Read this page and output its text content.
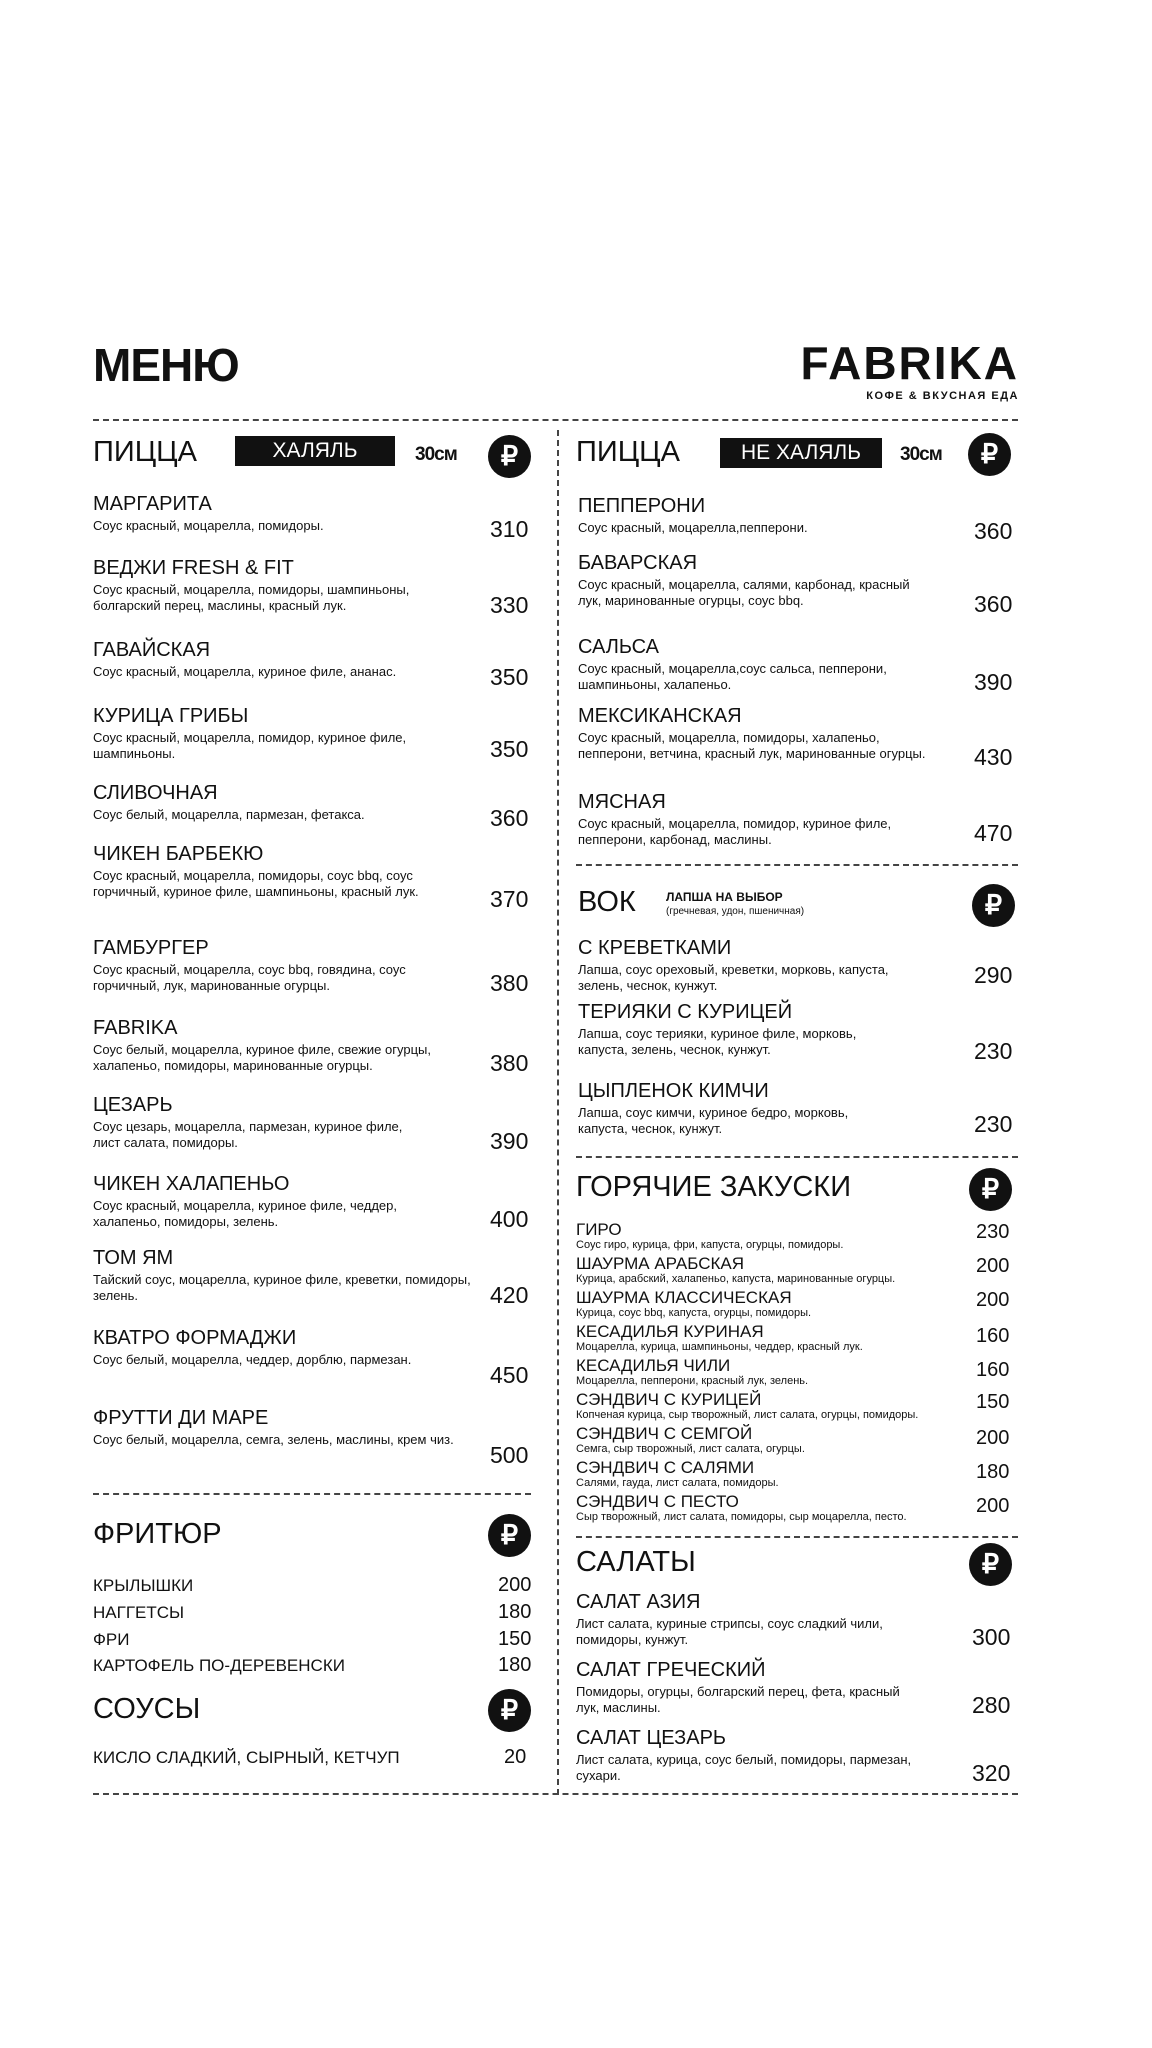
МЕНЮ	FABRIKA
КОФЕ & ВКУСНАЯ ЕДА
ПИЦЦА	ХАЛЯЛЬ	30см	₽	ПИЦЦА	НЕ ХАЛЯЛЬ	30см	₽
ВОК	ЛАПША НА ВЫБОР
(гречневая, удон, пшеничная)	₽
ГОРЯЧИЕ ЗАКУСКИ	₽
ФРИТЮР	₽
СОУСЫ	₽
САЛАТЫ	₽
МАРГАРИТА
Соус красный, моцарелла, помидоры.	310
ВЕДЖИ FRESH & FIT
Соус красный, моцарелла, помидоры, шампиньоны, болгарский перец, маслины, красный лук.	330
ГАВАЙСКАЯ
Соус красный, моцарелла, куриное филе, ананас.	350
КУРИЦА ГРИБЫ
Соус красный, моцарелла, помидор, куриное филе, шампиньоны.	350
СЛИВОЧНАЯ
Соус белый, моцарелла, пармезан, фетакса.	360
ЧИКЕН БАРБЕКЮ
Соус красный, моцарелла, помидоры, соус bbq, соус горчичный, куриное филе, шампиньоны, красный лук.	370
ГАМБУРГЕР
Соус красный, моцарелла, соус bbq, говядина, соус горчичный, лук, маринованные огурцы.	380
FABRIKA
Соус белый, моцарелла, куриное филе, свежие огурцы, халапеньо, помидоры, маринованные огурцы.	380
ЦЕЗАРЬ
Соус цезарь, моцарелла, пармезан, куриное филе, лист салата, помидоры.	390
ЧИКЕН ХАЛАПЕНЬО
Соус красный, моцарелла, куриное филе, чеддер, халапеньо, помидоры, зелень.	400
ТОМ ЯМ
Тайский соус, моцарелла, куриное филе, креветки, помидоры, зелень.	420
КВАТРО ФОРМАДЖИ
Соус белый, моцарелла, чеддер, дорблю, пармезан.
450
ФРУТТИ ДИ МАРЕ
Соус белый, моцарелла, семга, зелень, маслины, крем чиз.
500
ПЕППЕРОНИ
Соус красный, моцарелла,пепперони.	360
БАВАРСКАЯ
Соус красный, моцарелла, салями, карбонад, красный лук, маринованные огурцы, соус bbq.	360
САЛЬСА
Соус красный, моцарелла,соус сальса, пепперони, шампиньоны, халапеньо.	390
МЕКСИКАНСКАЯ
Соус красный, моцарелла, помидоры, халапеньо, пепперони, ветчина, красный лук, маринованные огурцы.	430
МЯСНАЯ
Соус красный, моцарелла, помидор, куриное филе, пепперони, карбонад, маслины.	470
С КРЕВЕТКАМИ
Лапша, соус ореховый, креветки, морковь, капуста, зелень, чеснок, кунжут.	290
ТЕРИЯКИ С КУРИЦЕЙ
Лапша, соус терияки, куриное филе, морковь, капуста, зелень, чеснок, кунжут.	230
ЦЫПЛЕНОК КИМЧИ
Лапша, соус кимчи, куриное бедро, морковь, капуста, чеснок, кунжут.	230
ГИРО
Соус гиро, курица, фри, капуста, огурцы, помидоры.
230
ШАУРМА АРАБСКАЯ
Курица, арабский, халапеньо, капуста, маринованные огурцы.
200
ШАУРМА КЛАССИЧЕСКАЯ
Курица, соус bbq, капуста, огурцы, помидоры.
200
КЕСАДИЛЬЯ КУРИНАЯ
Моцарелла, курица, шампиньоны, чеддер, красный лук.	160
КЕСАДИЛЬЯ ЧИЛИ
Моцарелла, пепперони, красный лук, зелень.	160
СЭНДВИЧ С КУРИЦЕЙ
Копченая курица, сыр творожный, лист салата, огурцы, помидоры.
150
СЭНДВИЧ С СЕМГОЙ
Семга, сыр творожный, лист салата, огурцы.	200
СЭНДВИЧ С САЛЯМИ
Салями, гауда, лист салата, помидоры.	180
СЭНДВИЧ С ПЕСТО
Сыр творожный, лист салата, помидоры, сыр моцарелла, песто.	200
КРЫЛЫШКИ	200
НАГГЕТСЫ	180
ФРИ	150
КАРТОФЕЛЬ ПО-ДЕРЕВЕНСКИ	180
КИСЛО СЛАДКИЙ, СЫРНЫЙ, КЕТЧУП	20
САЛАТ АЗИЯ
Лист салата, куриные стрипсы, соус сладкий чили, помидоры, кунжут.	300
САЛАТ ГРЕЧЕСКИЙ
Помидоры, огурцы, болгарский перец, фета, красный лук, маслины.	280
САЛАТ ЦЕЗАРЬ
Лист салата, курица, соус белый, помидоры, пармезан, сухари.	320
